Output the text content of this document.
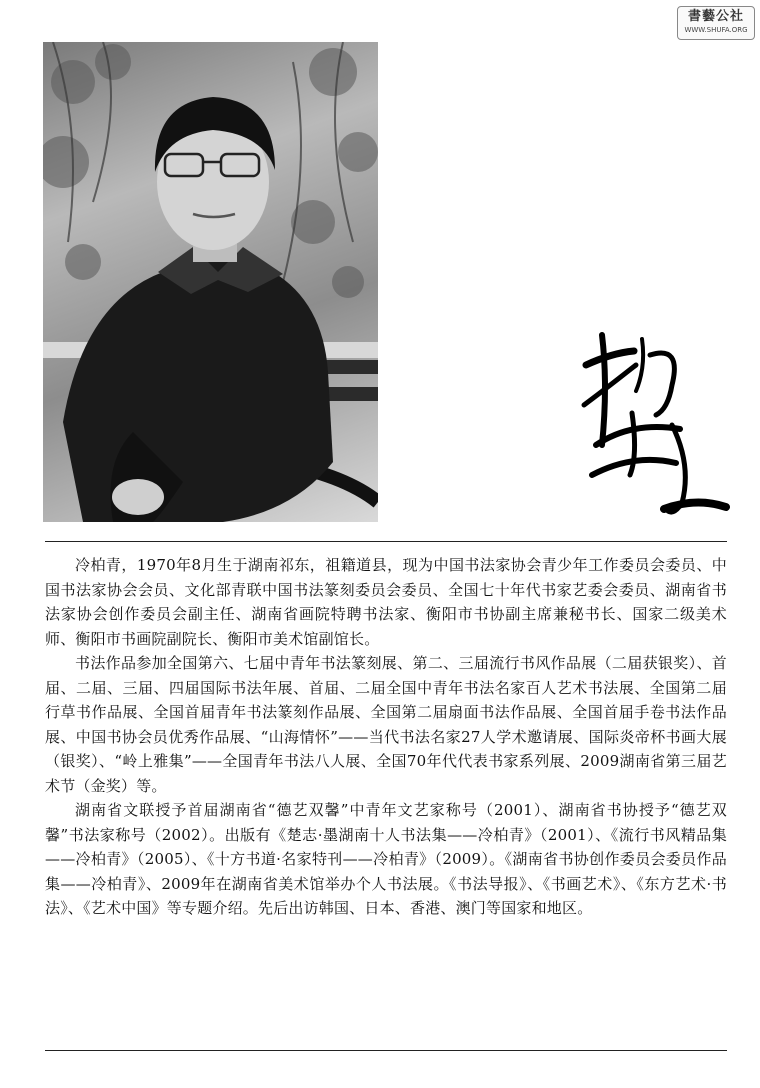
書藝公社
WWW.SHUFA.ORG

冷柏青，1970年8月生于湖南祁东，祖籍道县，现为中国书法家协会青少年工作委员会委员、中国书法家协会会员、文化部青联中国书法篆刻委员会委员、全国七十年代书家艺委会委员、湖南省书法家协会创作委员会副主任、湖南省画院特聘书法家、衡阳市书协副主席兼秘书长、国家二级美术师、衡阳市书画院副院长、衡阳市美术馆副馆长。

书法作品参加全国第六、七届中青年书法篆刻展、第二、三届流行书风作品展（二届获银奖）、首届、二届、三届、四届国际书法年展、首届、二届全国中青年书法名家百人艺术书法展、全国第二届行草书作品展、全国首届青年书法篆刻作品展、全国第二届扇面书法作品展、全国首届手卷书法作品展、中国书协会员优秀作品展、“山海情怀”——当代书法名家27人学术邀请展、国际炎帝杯书画大展（银奖）、“岭上雅集”——全国青年书法八人展、全国70年代代表书家系列展、2009湖南省第三届艺术节（金奖）等。

湖南省文联授予首届湖南省“德艺双馨”中青年文艺家称号（2001）、湖南省书协授予“德艺双馨”书法家称号（2002）。出版有《楚志·墨湖南十人书法集——冷柏青》（2001）、《流行书风精品集——冷柏青》（2005）、《十方书道·名家特刊——冷柏青》（2009）。《湖南省书协创作委员会委员作品集——冷柏青》、2009年在湖南省美术馆举办个人书法展。《书法导报》、《书画艺术》、《东方艺术·书法》、《艺术中国》等专题介绍。先后出访韩国、日本、香港、澳门等国家和地区。
